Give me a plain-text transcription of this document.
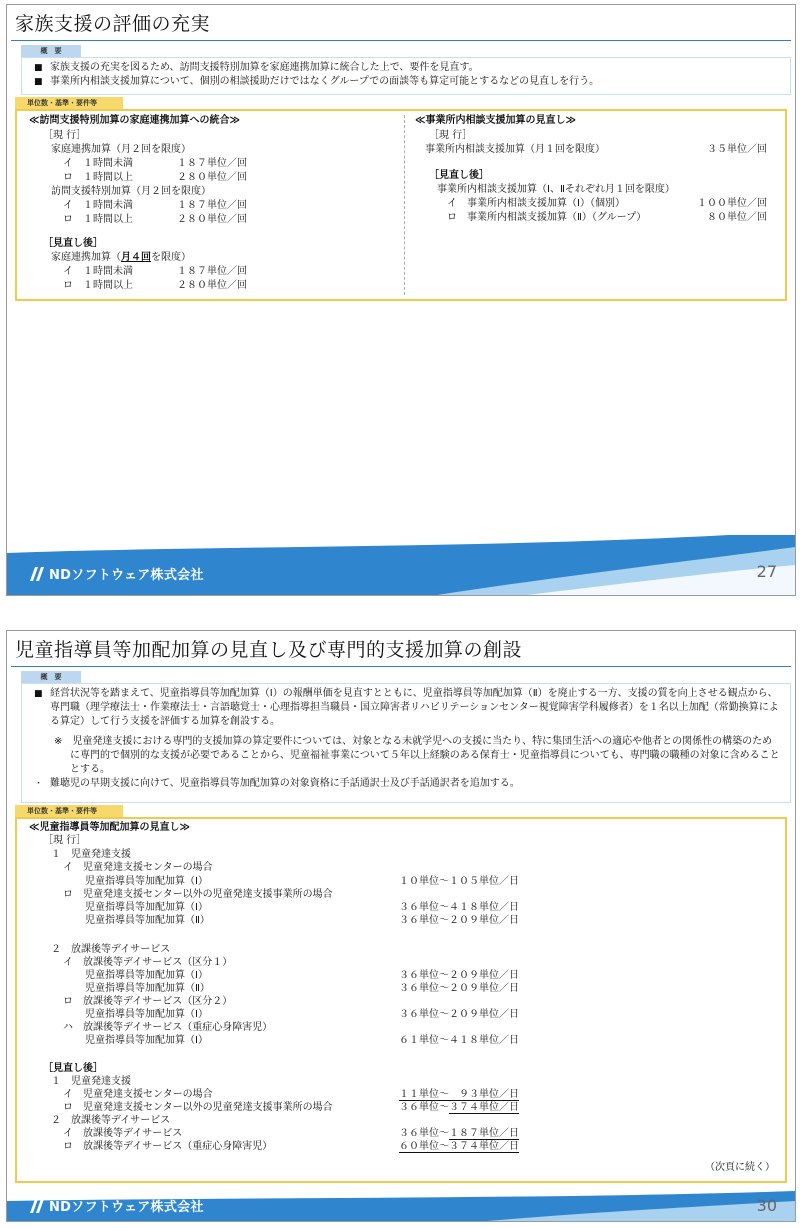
家族支援の評価の充実
概　要
■ 家族支援の充実を図るため、訪問支援特別加算を家庭連携加算に統合した上で、要件を見直す。
■ 事業所内相談支援加算について、個別の相談援助だけではなくグループでの面談等も算定可能とするなどの見直しを行う。
単位数・基準・要件等
≪訪問支援特別加算の家庭連携加算への統合≫
［現 行］
家庭連携加算（月２回を限度）
イ　１時間未満	１８７単位／回
ロ　１時間以上	２８０単位／回
訪問支援特別加算（月２回を限度）
イ　１時間未満	１８７単位／回
ロ　１時間以上	２８０単位／回
［見直し後］
家庭連携加算（月４回を限度）
イ　１時間未満	１８７単位／回
ロ　１時間以上	２８０単位／回
≪事業所内相談支援加算の見直し≫
［現 行］
事業所内相談支援加算（月１回を限度）	３５単位／回
［見直し後］
事業所内相談支援加算（Ⅰ、Ⅱそれぞれ月１回を限度）
イ　事業所内相談支援加算（Ⅰ）（個別）	１００単位／回
ロ　事業所内相談支援加算（Ⅱ）（グループ）	８０単位／回
NDソフトウェア株式会社	27
児童指導員等加配加算の見直し及び専門的支援加算の創設
概　要
■ 経営状況等を踏まえて、児童指導員等加配加算（Ⅰ）の報酬単価を見直すとともに、児童指導員等加配加算（Ⅱ）を廃止する一方、支援の質を向上させる観点から、専門職（理学療法士・作業療法士・言語聴覚士・心理指導担当職員・国立障害者リハビリテーションセンター視覚障害学科履修者）を１名以上加配（常勤換算による算定）して行う支援を評価する加算を創設する。
※　児童発達支援における専門的支援加算の算定要件については、対象となる未就学児への支援に当たり、特に集団生活への適応や他者との関係性の構築のために専門的で個別的な支援が必要であることから、児童福祉事業について５年以上経験のある保育士・児童指導員についても、専門職の職種の対象に含めることとする。
・ 難聴児の早期支援に向けて、児童指導員等加配加算の対象資格に手話通訳士及び手話通訳者を追加する。
単位数・基準・要件等
≪児童指導員等加配加算の見直し≫
［現 行］
１　児童発達支援
イ　児童発達支援センターの場合
児童指導員等加配加算（Ⅰ）	１０単位～１０５単位／日
ロ　児童発達支援センター以外の児童発達支援事業所の場合
児童指導員等加配加算（Ⅰ）	３６単位～４１８単位／日
児童指導員等加配加算（Ⅱ）	３６単位～２０９単位／日
２　放課後等デイサービス
イ　放課後等デイサービス（区分１）
児童指導員等加配加算（Ⅰ）	３６単位～２０９単位／日
児童指導員等加配加算（Ⅱ）	３６単位～２０９単位／日
ロ　放課後等デイサービス（区分２）
児童指導員等加配加算（Ⅰ）	３６単位～２０９単位／日
ハ　放課後等デイサービス（重症心身障害児）
児童指導員等加配加算（Ⅰ）	６１単位～４１８単位／日
［見直し後］
１　児童発達支援
イ　児童発達支援センターの場合	１１単位～　９３単位／日
ロ　児童発達支援センター以外の児童発達支援事業所の場合	３６単位～３７４単位／日
２　放課後等デイサービス
イ　放課後等デイサービス	３６単位～１８７単位／日
ロ　放課後等デイサービス（重症心身障害児）	６０単位～３７４単位／日
（次頁に続く）
NDソフトウェア株式会社	30
